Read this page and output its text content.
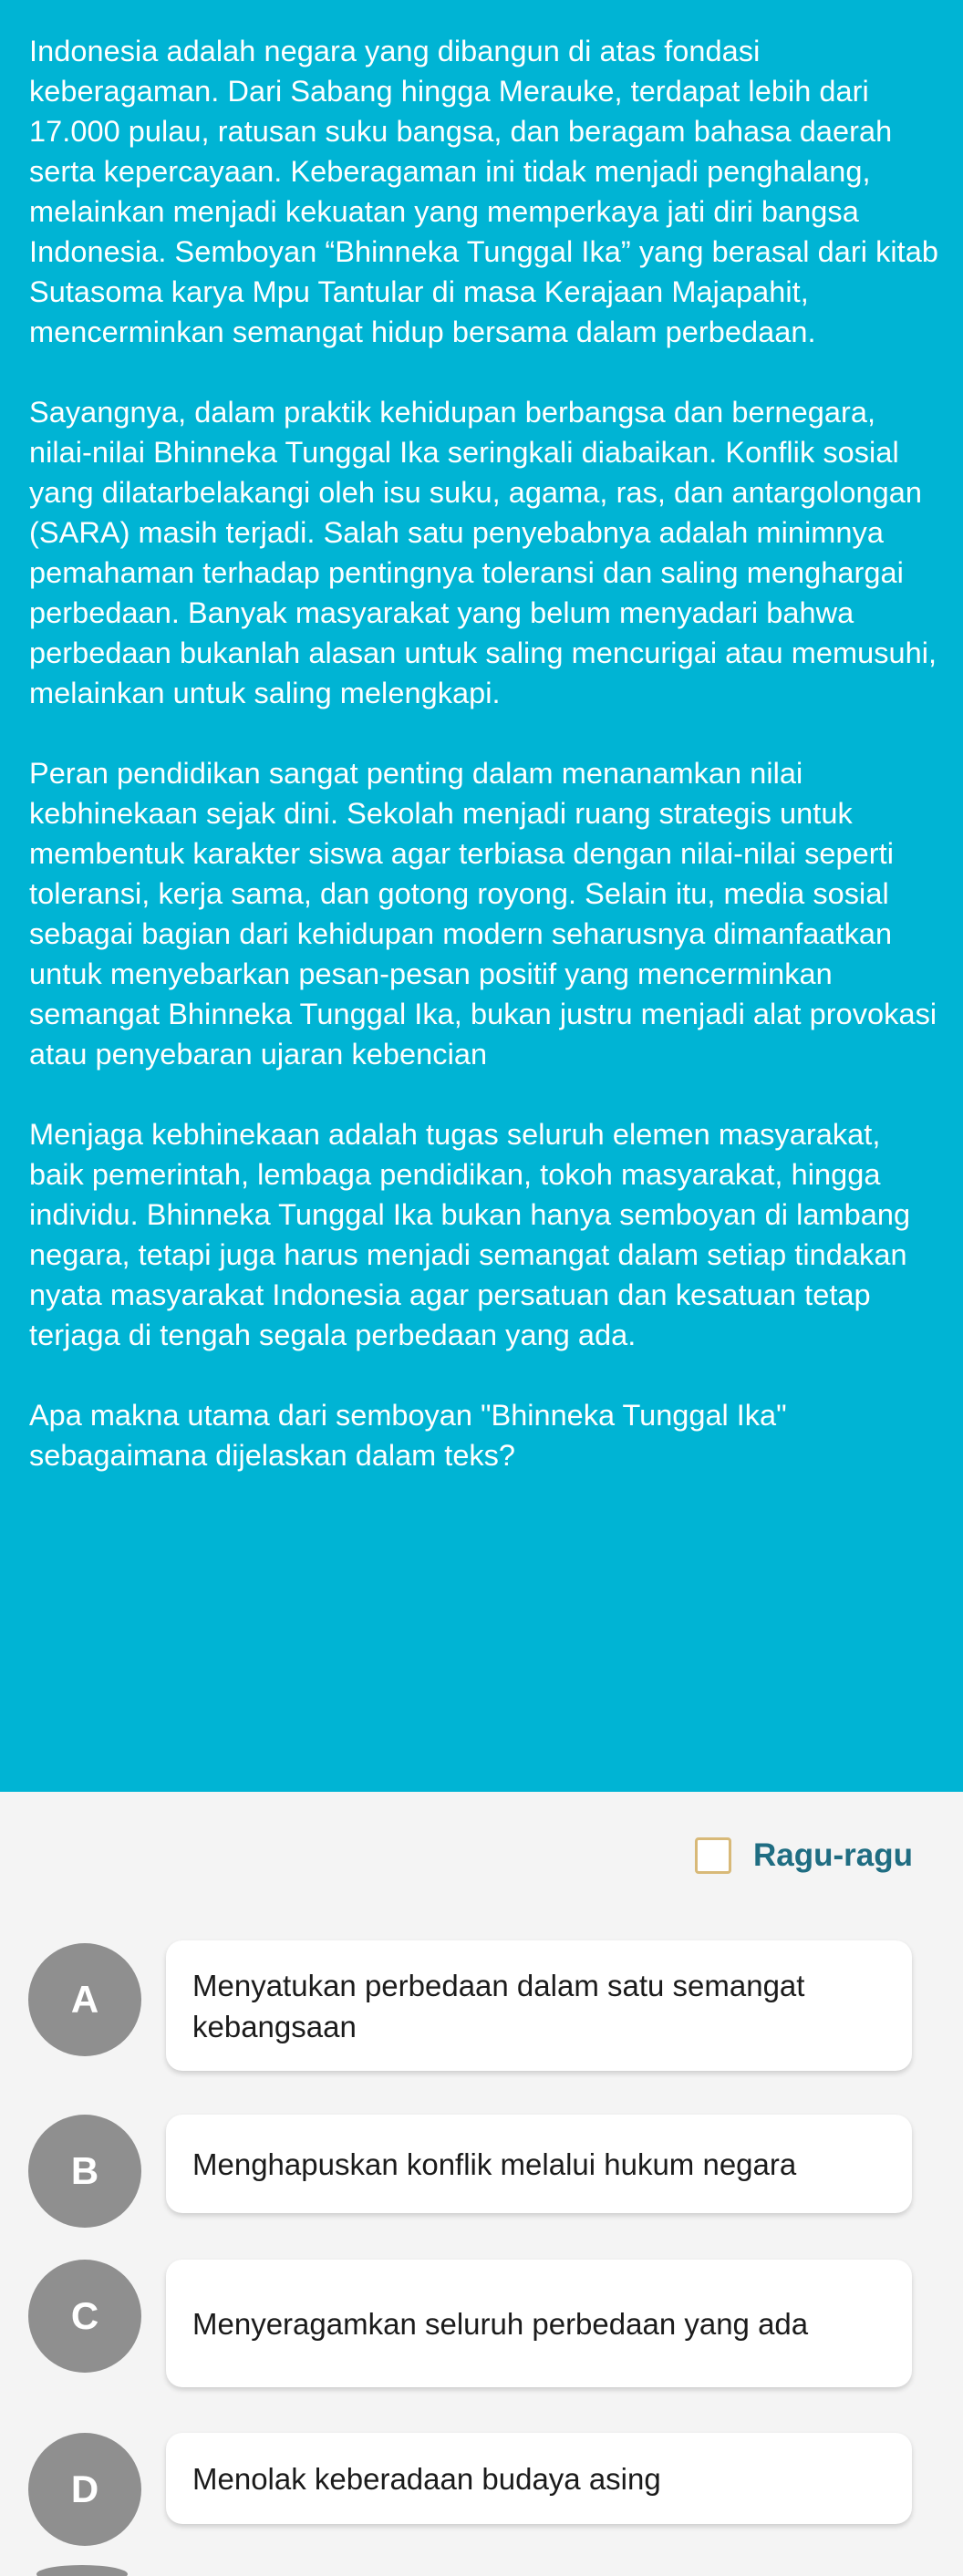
Indonesia adalah negara yang dibangun di atas fondasi keberagaman. Dari Sabang hingga Merauke, terdapat lebih dari 17.000 pulau, ratusan suku bangsa, dan beragam bahasa daerah serta kepercayaan. Keberagaman ini tidak menjadi penghalang, melainkan menjadi kekuatan yang memperkaya jati diri bangsa Indonesia. Semboyan “Bhinneka Tunggal Ika” yang berasal dari kitab Sutasoma karya Mpu Tantular di masa Kerajaan Majapahit, mencerminkan semangat hidup bersama dalam perbedaan.

Sayangnya, dalam praktik kehidupan berbangsa dan bernegara, nilai-nilai Bhinneka Tunggal Ika seringkali diabaikan. Konflik sosial yang dilatarbelakangi oleh isu suku, agama, ras, dan antargolongan (SARA) masih terjadi. Salah satu penyebabnya adalah minimnya pemahaman terhadap pentingnya toleransi dan saling menghargai perbedaan. Banyak masyarakat yang belum menyadari bahwa perbedaan bukanlah alasan untuk saling mencurigai atau memusuhi, melainkan untuk saling melengkapi.

Peran pendidikan sangat penting dalam menanamkan nilai kebhinekaan sejak dini. Sekolah menjadi ruang strategis untuk membentuk karakter siswa agar terbiasa dengan nilai-nilai seperti toleransi, kerja sama, dan gotong royong. Selain itu, media sosial sebagai bagian dari kehidupan modern seharusnya dimanfaatkan untuk menyebarkan pesan-pesan positif yang mencerminkan semangat Bhinneka Tunggal Ika, bukan justru menjadi alat provokasi atau penyebaran ujaran kebencian

Menjaga kebhinekaan adalah tugas seluruh elemen masyarakat, baik pemerintah, lembaga pendidikan, tokoh masyarakat, hingga individu. Bhinneka Tunggal Ika bukan hanya semboyan di lambang negara, tetapi juga harus menjadi semangat dalam setiap tindakan nyata masyarakat Indonesia agar persatuan dan kesatuan tetap terjaga di tengah segala perbedaan yang ada.

Apa makna utama dari semboyan "Bhinneka Tunggal Ika" sebagaimana dijelaskan dalam teks?

Ragu-ragu
A	Menyatukan perbedaan dalam satu semangat kebangsaan
B	Menghapuskan konflik melalui hukum negara
C	Menyeragamkan seluruh perbedaan yang ada
D	Menolak keberadaan budaya asing
